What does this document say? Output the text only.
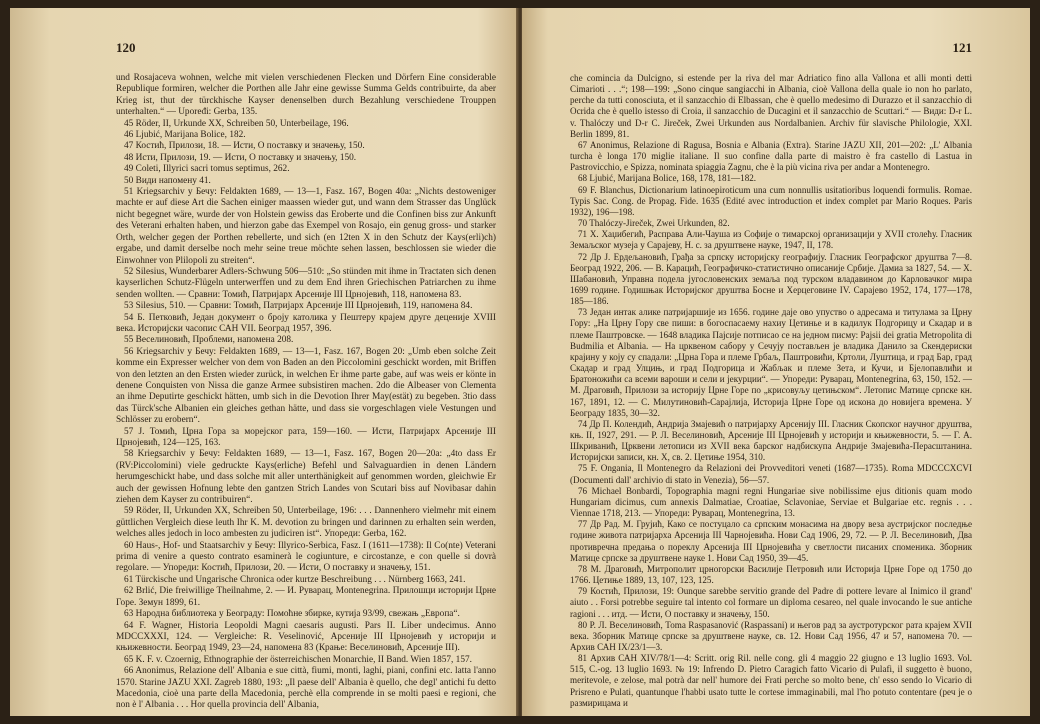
120

und Rosajaceva wohnen, welche mit vielen verschiedenen Flecken und Dörfern Eine considerable Republique formiren, welcher die Porthen alle Jahr eine gewisse Summa Gelds contribuirte, da aber Krieg ist, thut der türckhische Kayser denenselben durch Bezahlung verschiedene Trouppen unterhalten.“ — Upoređi: Gerba, 135.

45 Röder, II, Urkunde XX, Schreiben 50, Unterbeilage, 196.

46 Ljubić, Marijana Bolice, 182.

47 Костић, Прилози, 18. — Исти, О поставку и значењу, 150.

48 Исти, Прилози, 19. — Исти, О поставку и значењу, 150.

49 Coleti, Illyrici sacri tomus septimus, 262.

50 Види напомену 41.

51 Kriegsarchiv у Бечу: Feldakten 1689, — 13—1, Fasz. 167, Bogen 40a: „Nichts destoweniger machte er auf diese Art die Sachen einiger maassen wieder gut, und wann dem Strasser das Unglück nicht begegnet wäre, wurde der von Holstein gewiss das Eroberte und die Confinen biss zur Ankunft des Veterani erhalten haben, und hierzon gabe das Exempel von Rosajo, ein genug gross- und starker Orth, welcher gegen der Porthen rebellerte, und sich (en 12ten X in den Schutz der Kays(erli)ch) ergabe, und damit derselbe noch mehr seine treue möchte sehen lassen, beschlossen sie wieder die Einwohner von Plilopoli zu streiten“.

52 Silesius, Wunderbarer Adlers-Schwung 506—510: „So stünden mit ihme in Tractaten sich denen kayserlichen Schutz-Flügeln unterwerffen und zu dem End ihren Griechischen Patriarchen zu ihme senden wollten. — Сравни: Томић, Патријарх Арсеније III Црнојевић, 118, напомена 83.

53 Silesius, 510. — Сравни: Томић, Патријарх Арсеније III Црнојевић, 119, напомена 84.

54 Б. Петковић, Један документ о броју католика у Пештеру крајем друге деценије XVIII века. Историјски часопис САН VII. Београд 1957, 396.

55 Веселиновић, Проблеми, напомена 208.

56 Kriegsarchiv у Бечу: Feldakten 1689, — 13—1, Fasz. 167, Bogen 20: „Umb eben solche Zeit komme ein Expresser welcher von dem von Baden an den Piccolomini geschickt worden, mit Briffen von den letzten an den Ersten wieder zurück, in welchen Er ihme parte gabe, auf was weis er könte in denene Conquisten von Nissa die ganze Armee subsistiren machen. 2do die Albeaser von Clementa an ihme Deputirte geschickt hätten, umb sich in die Devotion Ihrer May(estät) zu begeben. 3tio dass das Türck'sche Albanien ein gleiches gethan hätte, und dass sie vorgeschlagen viele Vestungen und Schlösser zu erobern“.

57 Ј. Томић, Црна Гора за морејског рата, 159—160. — Исти, Патријарх Арсеније III Црнојевић, 124—125, 163.

58 Kriegsarchiv у Бечу: Feldakten 1689, — 13—1, Fasz. 167, Bogen 20—20a: „4to dass Er (RV:Piccolomini) viele gedruckte Kays(erliche) Befehl und Salvaguardien in denen Ländern herumgeschickt habe, und dass solche mit aller unterthänigkeit auf genommen worden, gleichwie Er auch der gewissen Hofnung lebte den gantzen Strich Landes von Scutari biss auf Novibasar dahin ziehen dem Kayser zu contribuiren“.

59 Röder, II, Urkunden XX, Schreiben 50, Unterbeilage, 196: . . . Dannenhero vielmehr mit einem güttlichen Vergleich diese leuth Ihr K. M. devotion zu bringen und darinnen zu erhalten sein werden, welches alles jedoch in loco ambesten zu judiciren ist“. Упореди: Gerba, 162.

60 Haus-, Hof- und Staatsarchiv у Бечу: Illyrico-Serbica, Fasz. I (1611—1738): Il Co(nte) Veterani prima di venire a questo contrato esaminerà le cogiunture, e circostanze, e con quelle si dovrà regolare. — Упореди: Костић, Прилози, 20. — Исти, О поставку и значењу, 151.

61 Türckische und Ungarische Chronica oder kurtze Beschreibung . . . Nürnberg 1663, 241.

62 Brlić, Die freiwillige Theilnahme, 2. — И. Руварац, Montenegrina. Прилошци историји Црне Горе. Земун 1899, 61.

63 Народна библиотека у Београду: Помоћне збирке, кутија 93/99, свежањ „Европа“.

64 F. Wagner, Historia Leopoldi Magni caesaris augusti. Pars II. Liber undecimus. Anno MDCCXXXI, 124. — Vergleiche: R. Veselinović, Арсеније III Црнојевић у историји и књижевности. Београд 1949, 23—24, напомена 83 (Крање: Веселиновић, Арсеније III).

65 K. F. v. Czoernig, Ethnographie der österreichischen Monarchie, II Band. Wien 1857, 157.

66 Anonimus, Relazione dell' Albania e sue città, fiumi, monti, laghi, piani, confini etc. latta l'anno 1570. Starine JAZU XXI. Zagreb 1880, 193: „Il paese dell' Albania è quello, che degl' antichi fu detto Macedonia, cioè una parte della Macedonia, perchè ella comprende in se molti paesi e regioni, che non è l' Albania . . . Hor quella provincia dell' Albania,

121

che comincia da Dulcigno, si estende per la riva del mar Adriatico fino alla Vallona et alli monti detti Cimarioti . . .“; 198—199: „Sono cinque sangiacchi in Albania, cioè Vallona della quale io non ho parlato, perche da tutti conosciuta, et il sanzacchio di Elbassan, che è quello medesimo di Durazzo et il sanzacchio di Ocrida che è quello istesso di Croia, il sanzacchio de Ducagini et il sanzacchio de Scuttari.“ — Види: D-r L. v. Thalóczy und D-r C. Jireček, Zwei Urkunden aus Nordalbanien. Archiv für slavische Philologie, XXI. Berlin 1899, 81.

67 Anonimus, Relazione di Ragusa, Bosnia e Albania (Extra). Starine JAZU XII, 201—202: „L' Albania turcha è longa 170 miglie italiane. Il suo confine dalla parte di maistro è fra castello di Lastua in Pastrovicchio, e Spizza, nominata spiaggia Zagnu, che è la più vicina riva per andar a Montenegro.

68 Ljubić, Marijana Bolice, 168, 178, 181—182.

69 F. Blanchus, Dictionarium latinoepiroticum una cum nonnullis usitatioribus loquendi formulis. Romae. Typis Sac. Cong. de Propag. Fide. 1635 (Edité avec introduction et index complet par Mario Roques. Paris 1932), 196—198.

70 Thalóczy-Jireček, Zwei Urkunden, 82.

71 Х. Хаџибегић, Расправа Али-Чауша из Софије о тимарској организацији у XVII столећу. Гласник Земаљског музеја у Сарајеву, Н. с. за друштвене науке, 1947, II, 178.

72 Др Ј. Ердељановић, Грађа за српску историјску географију. Гласник Географског друштва 7—8. Београд 1922, 206. — В. Карацић, Географичко-статистично описаније Србије. Дамиа за 1827, 54. — Х. Шабановић, Управна подела југословенских земаља под турском владавином до Карловачког мира 1699 године. Годишњак Историјског друштва Босне и Херцеговине IV. Сарајево 1952, 174, 177—178, 185—186.

73 Један интак алике патријаршије из 1656. године даје ово упуство о адресама и титулама за Црну Гору: „На Црну Гору све пиши: в богоспасаему нахиу Цетинье и в кадилук Подгорицу и Скадар и в племе Паштровске. — 1648 владика Пајсије потписао се на једном писму: Pajsii dei gratia Metropolita di Budmilia et Albania. — На црквеном сабору у Сечују постављен је владика Данило за Скендериски крајину у коју су спадали: „Црна Гора и племе Грбаљ, Паштровићи, Кртоли, Луштица, и град Бар, град Скадар и град Улцињ, и град Подгорица и Жабљак и племе Зета, и Кучи, и Бјелопавлићи и Братоножићи са всеми вароши и сели и јекурции“. — Упореди: Руварац, Montenegrina, 63, 150, 152. — М. Драговић, Прилози за историју Црне Горе по „крисовуљу цетињском“. Летопис Матице српске кн. 167, 1891, 12. — С. Милутиновић-Сарајлија, Историја Црне Горе од искона до новијега времена. У Београду 1835, 30—32.

74 Др П. Колендић, Андрија Змајевић о патријарху Арсенију III. Гласник Скопског научног друштва, књ. II, 1927, 291. — Р. Л. Веселиновић, Арсеније III Црнојевић у историји и књижевности, 5. — Г. А. Шкриванић, Црквени летописи из XVII века барског надбискупа Андрије Змајевића-Перасштанина. Историјски записи, кн. X, св. 2. Цетиње 1954, 310.

75 F. Ongania, Il Montenegro da Relazioni dei Provveditori veneti (1687—1735). Roma MDCCCXCVI (Documenti dall' archivio di stato in Venezia), 56—57.

76 Michael Bonbardi, Topographia magni regni Hungariae sive nobilissime ejus ditionis quam modo Hungariam dicimus, cum annexis Dalmatiae, Croatiae, Sclavoniae, Serviae et Bulgariae etc. regnis . . . Viennae 1718, 213. — Упореди: Руварац, Montenegrina, 13.

77 Др Рад. М. Грујић, Како се постуцало са српским монасима на двору веза аустријског последње године живота патријарха Арсенија III Чарнојевића. Нови Сад 1906, 29, 72. — Р. Л. Веселиновић, Два противречна предања о пореклу Арсенија III Црнојевића у светлости писаних споменика. Зборник Матице српске за друштвене науке 1. Нови Сад 1950, 39—45.

78 М. Драговић, Митрополит црногорски Василије Петровић или Историја Црне Горе од 1750 до 1766. Цетиње 1889, 13, 107, 123, 125.

79 Костић, Прилози, 19: Ounque sarebbe servitio grande del Padre di pottere levare al Inimico il grand' aiuto . . Forsi potrebbe seguire tal intento col formare un diploma cesareo, nel quale invocando le sue antiche ragioni . . . итд. — Исти, О поставку и значењу, 150.

80 Р. Л. Веселиновић, Toma Raspasanović (Raspassani) и његов рад за аустротурског рата крајем XVII века. Зборник Матице српске за друштвене науке, св. 12. Нови Сад 1956, 47 и 57, напомена 70. — Архив САН IX/23/1—3.

81 Архив САН XIV/78/1—4: Scritt. orig Ril. nelle cong. gli 4 maggio 22 giugno e 13 luglio 1693. Vol. 515, C.-og. 13 luglio 1693. № 19: Infrendo D. Pietro Caragich fatto Vicario di Pulafi, il suggetto è buono, meritevole, e zelose, mal potrà dar nell' humore dei Frati perche so molto bene, ch' esso sendo lo Vicario di Prisreno e Pulati, quantunque l'habbi usato tutte le cortese immaginabili, mal l'ho potuto contentare (реч је о размирицама и
